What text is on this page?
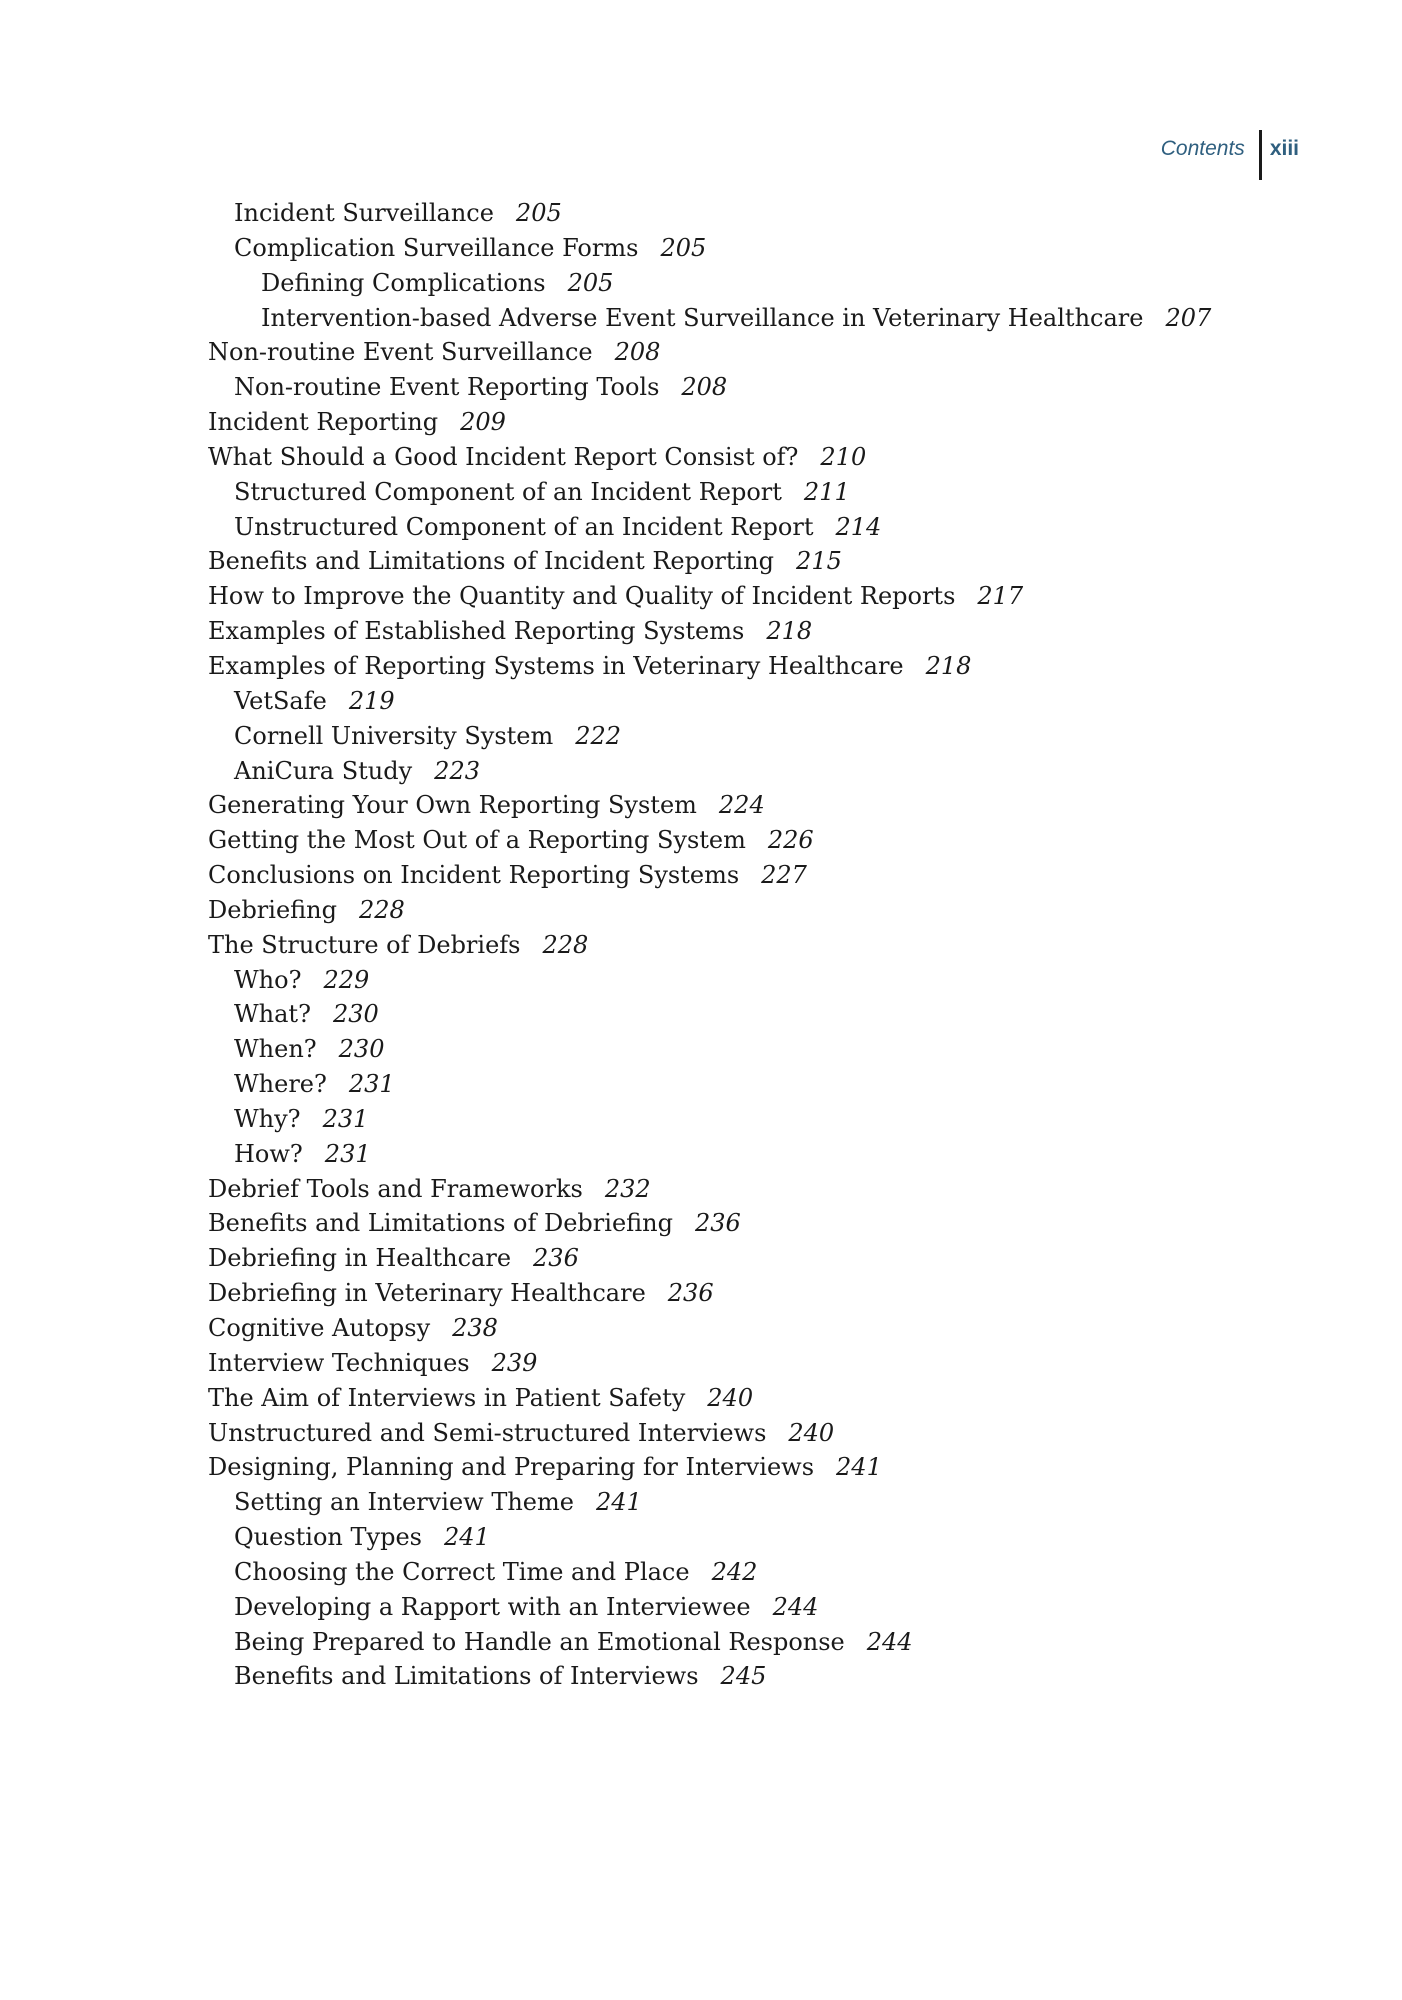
Contents	xiii
Incident Surveillance 205
Complication Surveillance Forms 205
Defining Complications 205
Intervention-based Adverse Event Surveillance in Veterinary Healthcare 207
Non-routine Event Surveillance 208
Non-routine Event Reporting Tools 208
Incident Reporting 209
What Should a Good Incident Report Consist of? 210
Structured Component of an Incident Report 211
Unstructured Component of an Incident Report 214
Benefits and Limitations of Incident Reporting 215
How to Improve the Quantity and Quality of Incident Reports 217
Examples of Established Reporting Systems 218
Examples of Reporting Systems in Veterinary Healthcare 218
VetSafe 219
Cornell University System 222
AniCura Study 223
Generating Your Own Reporting System 224
Getting the Most Out of a Reporting System 226
Conclusions on Incident Reporting Systems 227
Debriefing 228
The Structure of Debriefs 228
Who? 229
What? 230
When? 230
Where? 231
Why? 231
How? 231
Debrief Tools and Frameworks 232
Benefits and Limitations of Debriefing 236
Debriefing in Healthcare 236
Debriefing in Veterinary Healthcare 236
Cognitive Autopsy 238
Interview Techniques 239
The Aim of Interviews in Patient Safety 240
Unstructured and Semi-structured Interviews 240
Designing, Planning and Preparing for Interviews 241
Setting an Interview Theme 241
Question Types 241
Choosing the Correct Time and Place 242
Developing a Rapport with an Interviewee 244
Being Prepared to Handle an Emotional Response 244
Benefits and Limitations of Interviews 245
